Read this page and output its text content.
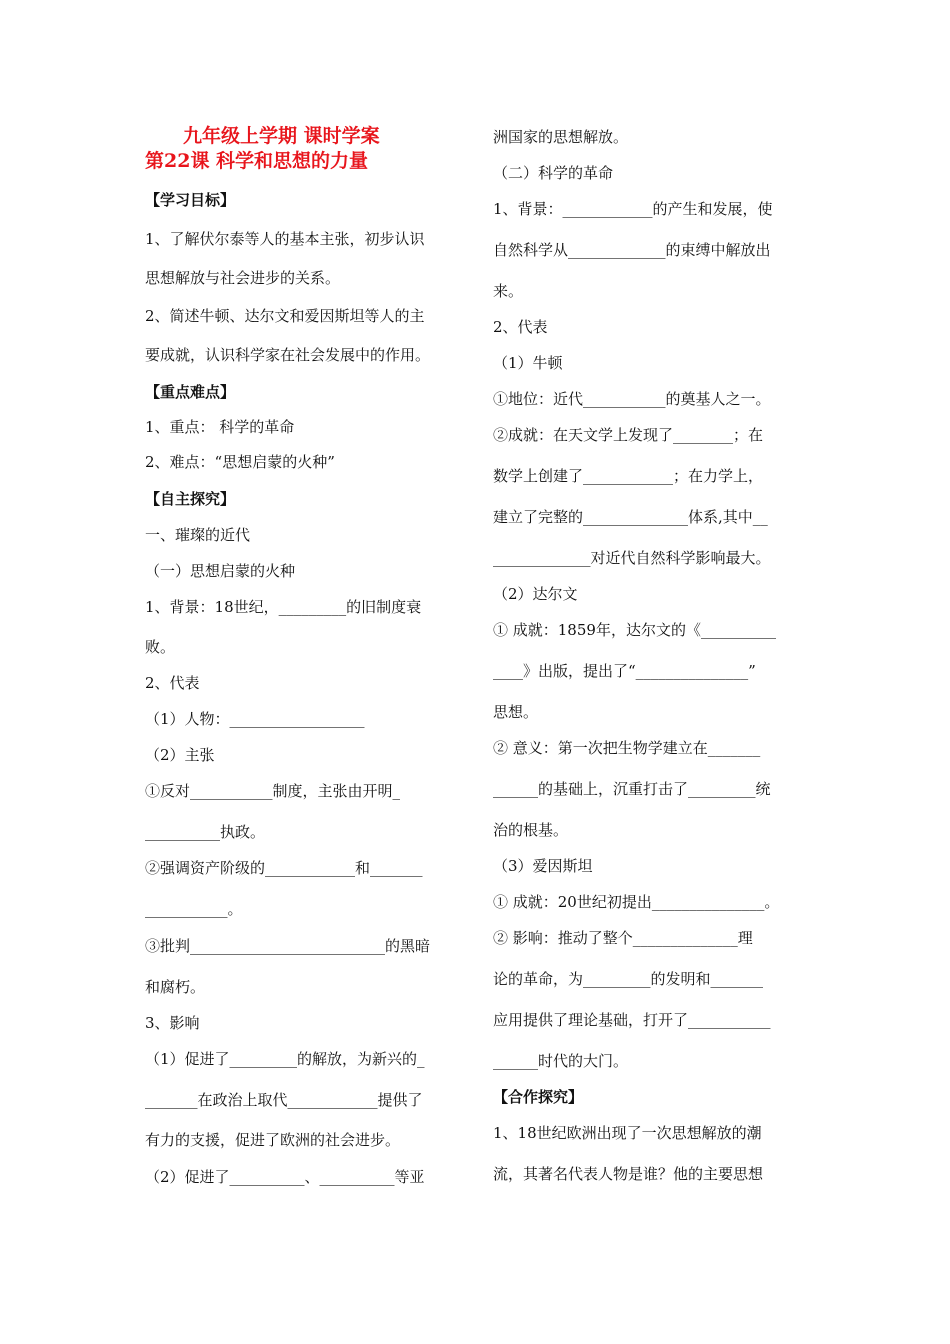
九年级上学期 课时学案
第22课 科学和思想的力量
【学习目标】
1、了解伏尔泰等人的基本主张，初步认识
思想解放与社会进步的关系。
2、简述牛顿、达尔文和爱因斯坦等人的主
要成就，认识科学家在社会发展中的作用。
【重点难点】
1、重点： 科学的革命
2、难点：“思想启蒙的火种”
【自主探究】
一、璀璨的近代
（一）思想启蒙的火种
1、背景：18世纪，_________的旧制度衰
败。
2、代表
（1）人物：__________________
（2）主张
①反对___________制度，主张由开明_
__________执政。
②强调资产阶级的____________和_______
___________。
③批判__________________________的黑暗
和腐朽。
3、影响
（1）促进了_________的解放，为新兴的_
_______在政治上取代____________提供了
有力的支援，促进了欧洲的社会进步。
（2）促进了__________、__________等亚
洲国家的思想解放。
（二）科学的革命
1、背景：____________的产生和发展，使
自然科学从_____________的束缚中解放出
来。
2、代表
（1）牛顿
①地位：近代___________的奠基人之一。
②成就：在天文学上发现了________；在
数学上创建了____________；在力学上，
建立了完整的______________体系,其中__
_____________对近代自然科学影响最大。
（2）达尔文
① 成就：1859年，达尔文的《__________
____》出版，提出了“_______________”
思想。
② 意义：第一次把生物学建立在_______
______的基础上，沉重打击了_________统
治的根基。
（3）爱因斯坦
① 成就：20世纪初提出_______________。
② 影响：推动了整个______________理
论的革命，为_________的发明和_______
应用提供了理论基础，打开了___________
______时代的大门。
【合作探究】
1、18世纪欧洲出现了一次思想解放的潮
流，其著名代表人物是谁？他的主要思想
